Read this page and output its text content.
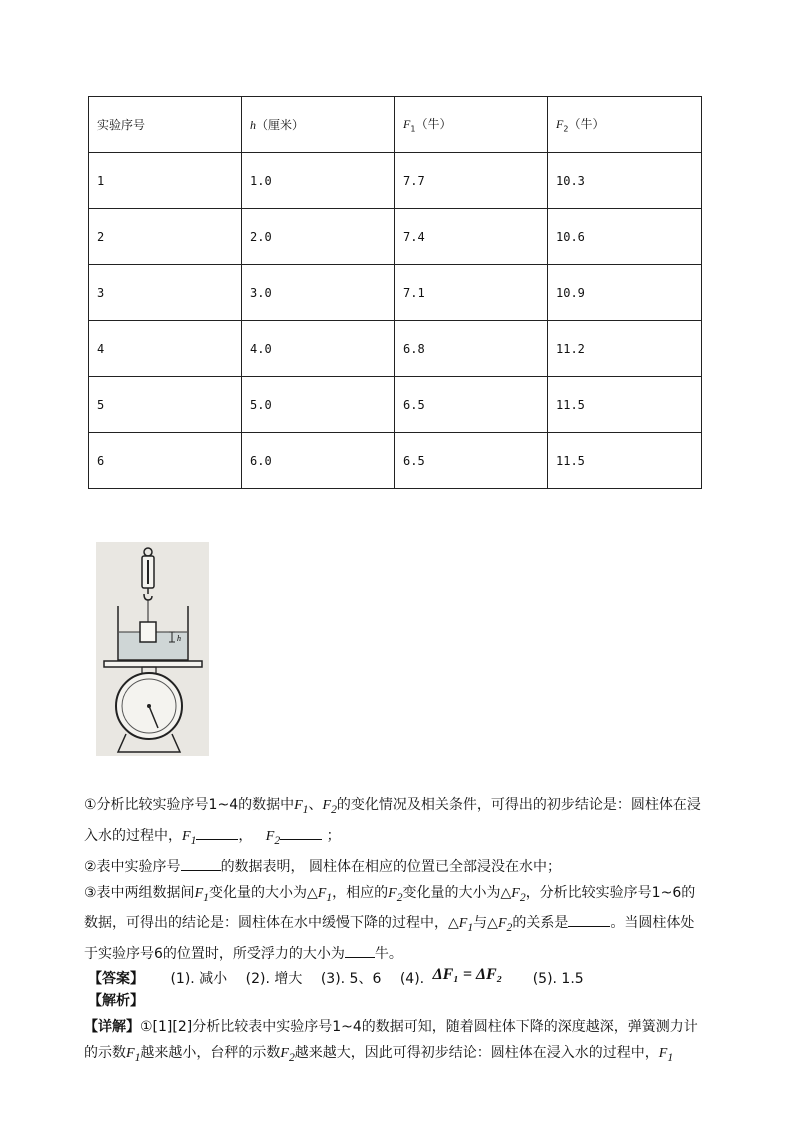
实验序号	h（厘米）	$F_1$（牛）	$F_2$（牛）
1	1.0	7.7	10.3
2	2.0	7.4	10.6
3	3.0	7.1	10.9
4	4.0	6.8	11.2
5	5.0	6.5	11.5
6	6.0	6.5	11.5
h
①分析比较实验序号1~4的数据中$F_1$、$F_2$的变化情况及相关条件，可得出的初步结论是：圆柱体在浸入水的过程中，$F_1$	， $F_2$	；
②表中实验序号	的数据表明， 圆柱体在相应的位置已全部浸没在水中；
③表中两组数据间$F_1$变化量的大小为$\triangle F_1$，相应的$F_2$变化量的大小为$\triangle F_2$，分析比较实验序号1~6的数据，可得出的结论是：圆柱体在水中缓慢下降的过程中，$\triangle F_1$与$\triangle F_2$的关系是	。当圆柱体处于实验序号6的位置时，所受浮力的大小为 牛。
【答案】 (1). 减小 (2). 增大 (3). 5、6 (4). ΔF₁ = ΔF₂ (5). 1.5
【解析】
【详解】①[1][2]分析比较表中实验序号1~4的数据可知，随着圆柱体下降的深度越深，弹簧测力计的示数$F_1$越来越小，台秤的示数$F_2$越来越大，因此可得初步结论：圆柱体在浸入水的过程中，$F_1$
